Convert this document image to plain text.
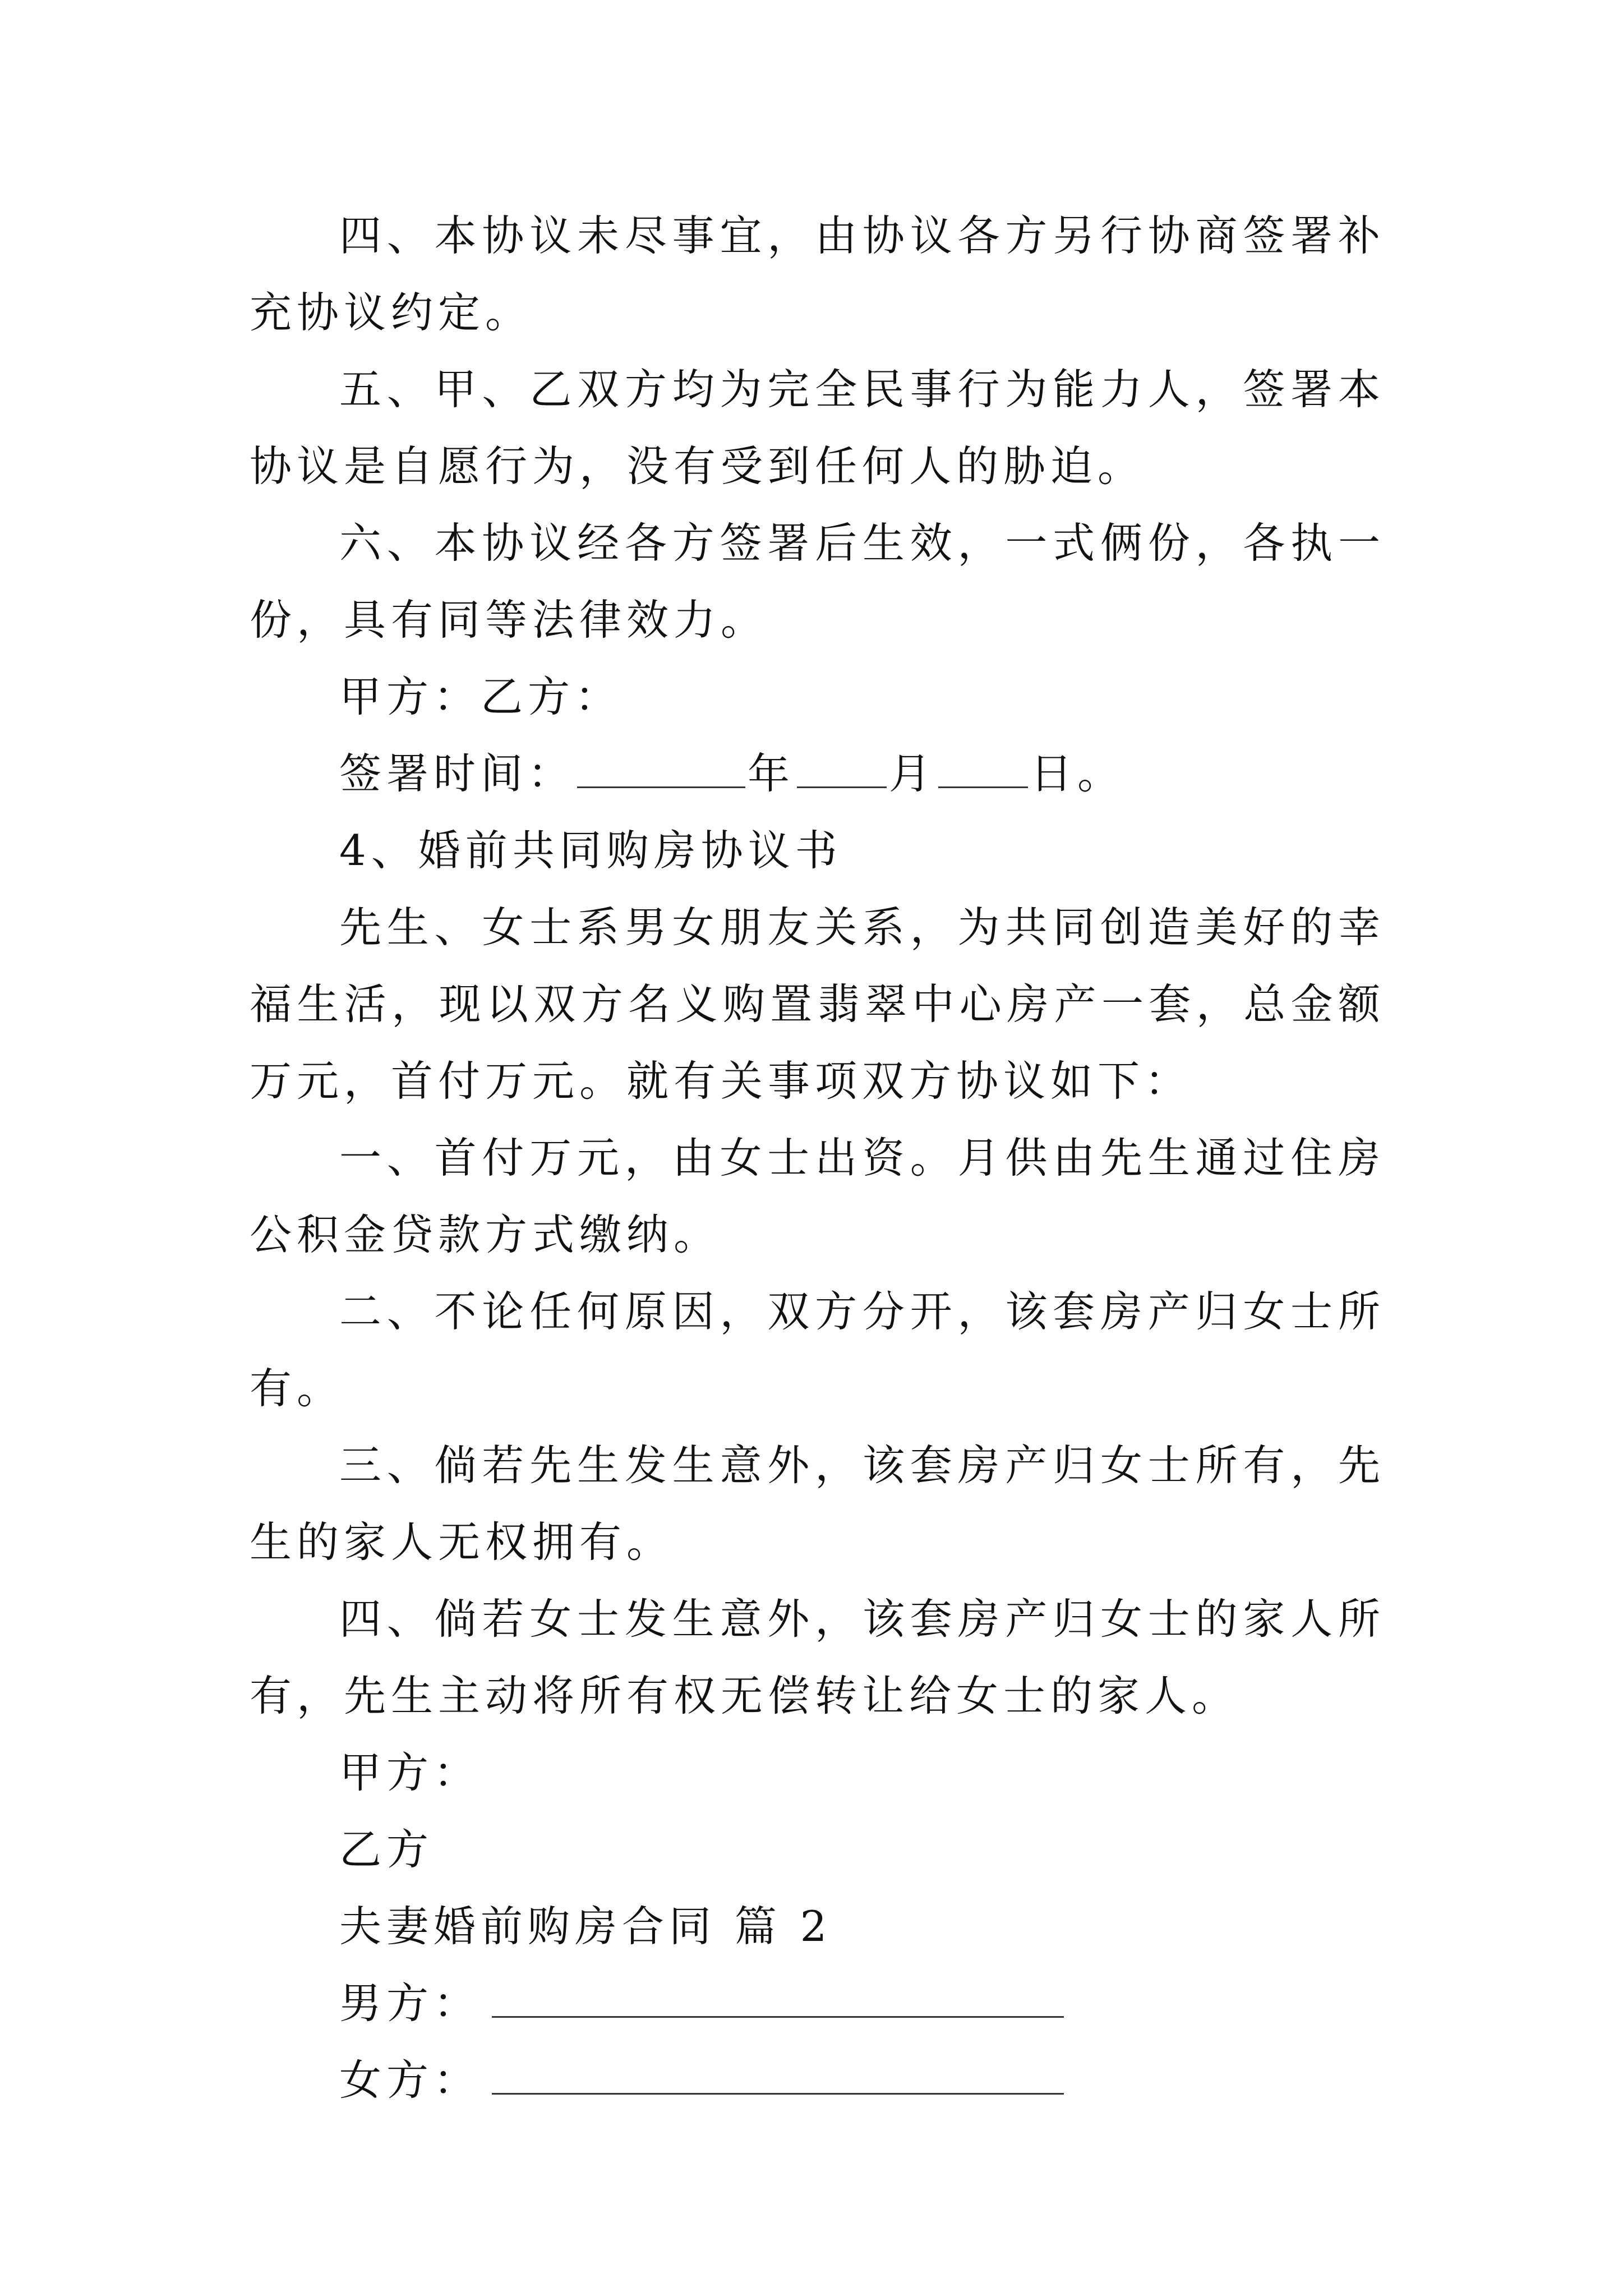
四、本协议未尽事宜，由协议各方另行协商签署补充协议约定。

五、甲、乙双方均为完全民事行为能力人，签署本协议是自愿行为，没有受到任何人的胁迫。

六、本协议经各方签署后生效，一式俩份，各执一份，具有同等法律效力。

甲方：乙方：

签署时间：	年 月 日。

4、婚前共同购房协议书

先生、女士系男女朋友关系，为共同创造美好的幸福生活，现以双方名义购置翡翠中心房产一套，总金额万元，首付万元。就有关事项双方协议如下：

一、首付万元，由女士出资。月供由先生通过住房公积金贷款方式缴纳。

二、不论任何原因，双方分开，该套房产归女士所有。

三、倘若先生发生意外，该套房产归女士所有，先生的家人无权拥有。

四、倘若女士发生意外，该套房产归女士的家人所有，先生主动将所有权无偿转让给女士的家人。

甲方：

乙方

夫妻婚前购房合同 篇 2

男方：

女方：
